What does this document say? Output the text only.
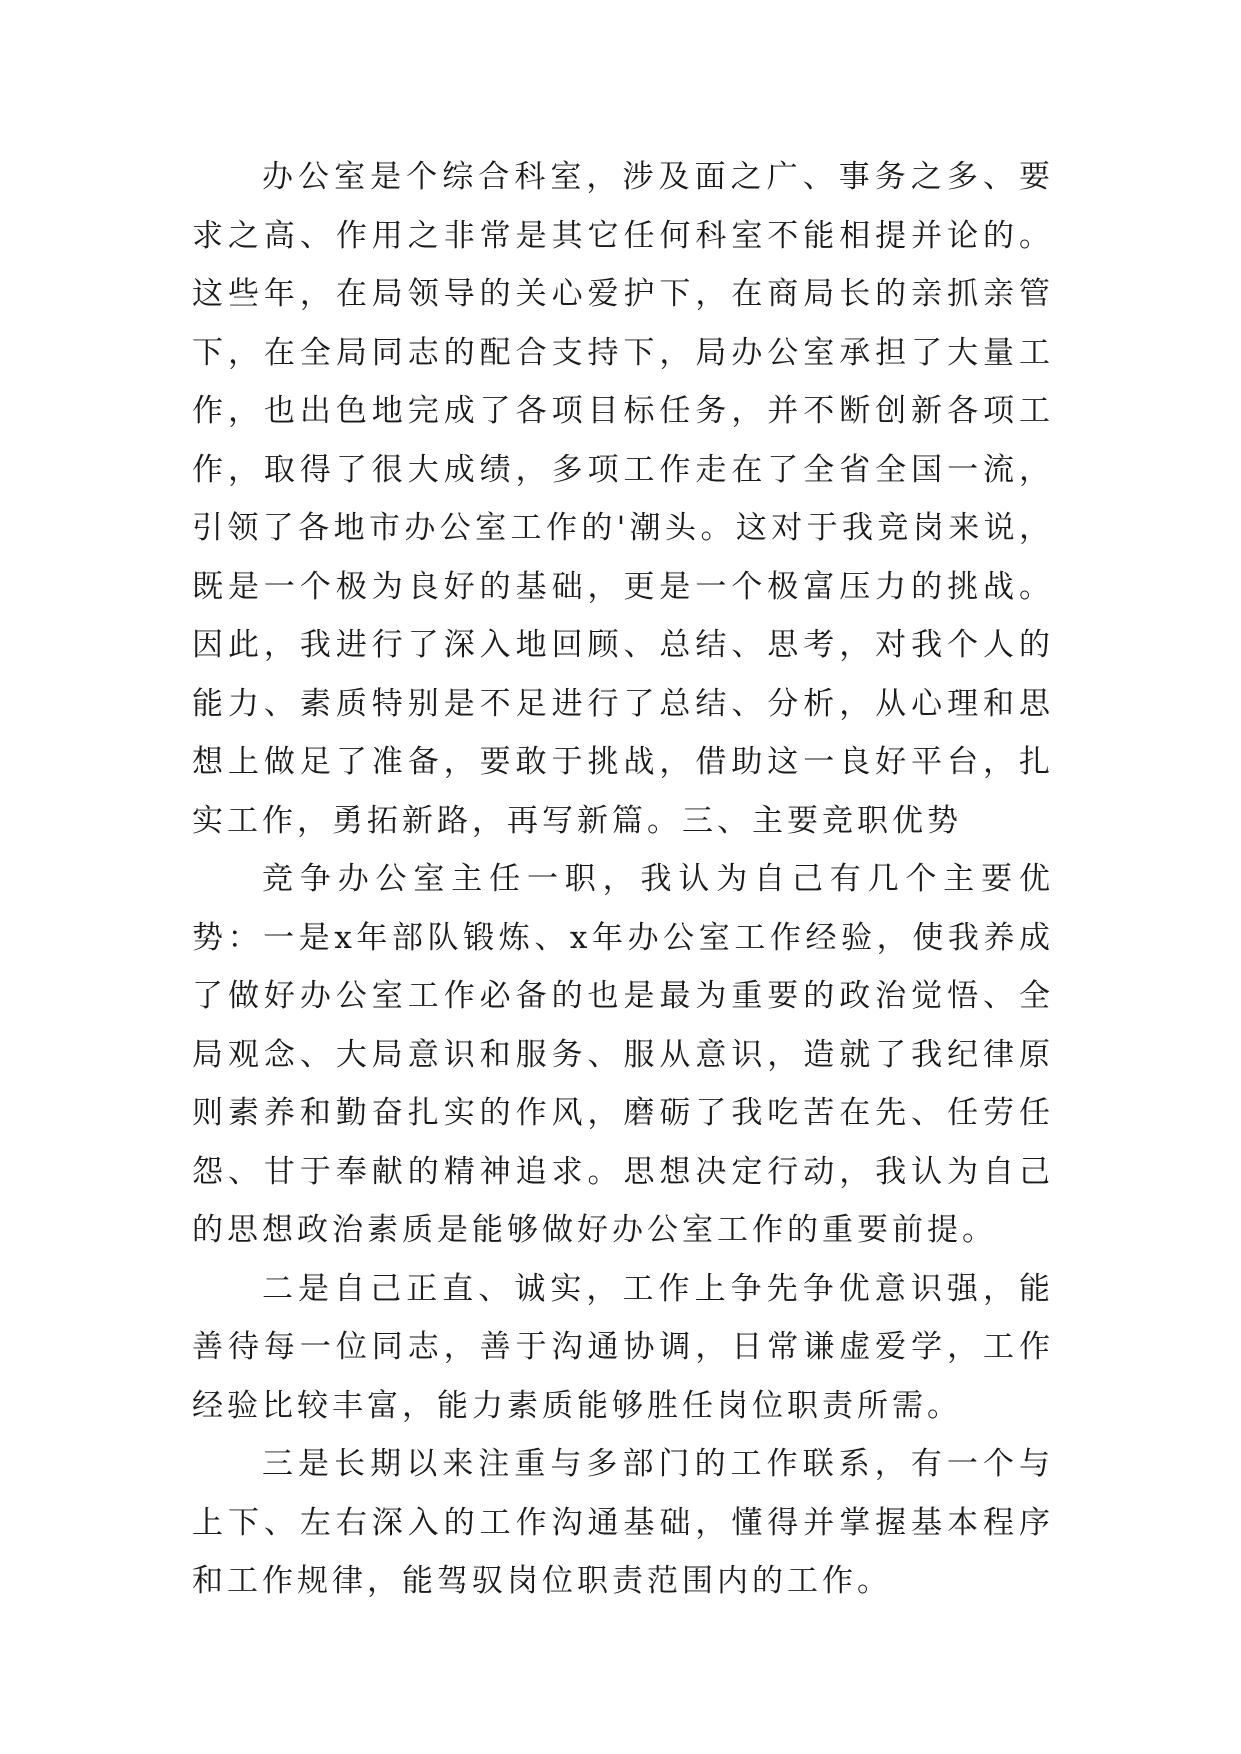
办公室是个综合科室，涉及面之广、事务之多、要求之高、作用之非常是其它任何科室不能相提并论的。这些年，在局领导的关心爱护下，在商局长的亲抓亲管下，在全局同志的配合支持下，局办公室承担了大量工作，也出色地完成了各项目标任务，并不断创新各项工作，取得了很大成绩，多项工作走在了全省全国一流，引领了各地市办公室工作的'潮头。这对于我竞岗来说，既是一个极为良好的基础，更是一个极富压力的挑战。因此，我进行了深入地回顾、总结、思考，对我个人的能力、素质特别是不足进行了总结、分析，从心理和思想上做足了准备，要敢于挑战，借助这一良好平台，扎实工作，勇拓新路，再写新篇。三、主要竞职优势

竞争办公室主任一职，我认为自己有几个主要优势：一是x年部队锻炼、x年办公室工作经验，使我养成了做好办公室工作必备的也是最为重要的政治觉悟、全局观念、大局意识和服务、服从意识，造就了我纪律原则素养和勤奋扎实的作风，磨砺了我吃苦在先、任劳任怨、甘于奉献的精神追求。思想决定行动，我认为自己的思想政治素质是能够做好办公室工作的重要前提。

二是自己正直、诚实，工作上争先争优意识强，能善待每一位同志，善于沟通协调，日常谦虚爱学，工作经验比较丰富，能力素质能够胜任岗位职责所需。

三是长期以来注重与多部门的工作联系，有一个与上下、左右深入的工作沟通基础，懂得并掌握基本程序和工作规律，能驾驭岗位职责范围内的工作。
